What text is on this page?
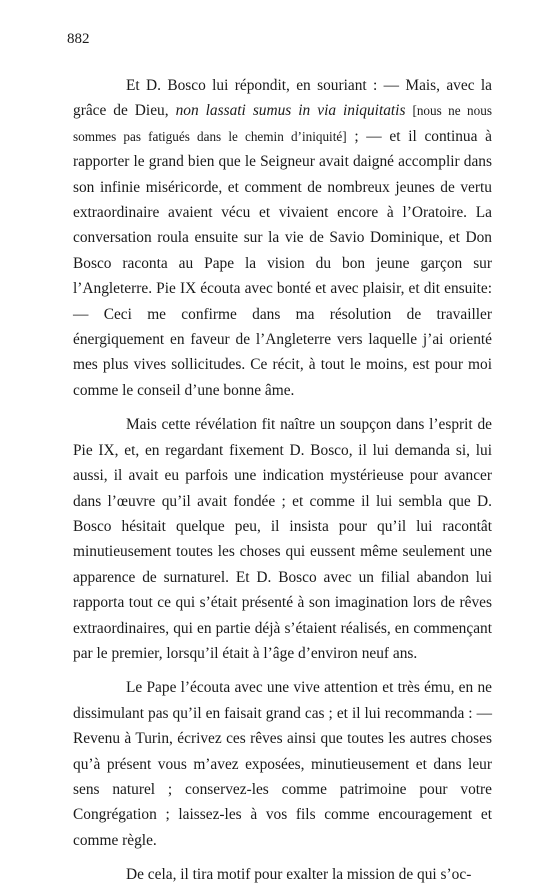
882

Et D. Bosco lui répondit, en souriant : — Mais, avec la grâce de Dieu, non lassati sumus in via iniquitatis [nous ne nous sommes pas fatigués dans le chemin d’iniquité] ; — et il continua à rapporter le grand bien que le Seigneur avait daigné accomplir dans son infinie miséricorde, et comment de nombreux jeunes de vertu extraordinaire avaient vécu et vivaient encore à l’Oratoire. La conversation roula ensuite sur la vie de Savio Dominique, et Don Bosco raconta au Pape la vision du bon jeune garçon sur l’Angleterre. Pie IX écouta avec bonté et avec plaisir, et dit ensuite: — Ceci me confirme dans ma résolution de travailler énergiquement en faveur de l’Angleterre vers laquelle j’ai orienté mes plus vives sollicitudes. Ce récit, à tout le moins, est pour moi comme le conseil d’une bonne âme.

Mais cette révélation fit naître un soupçon dans l’esprit de Pie IX, et, en regardant fixement D. Bosco, il lui demanda si, lui aussi, il avait eu parfois une indication mystérieuse pour avancer dans l’œuvre qu’il avait fondée ; et comme il lui sembla que D. Bosco hésitait quelque peu, il insista pour qu’il lui racontât minutieusement toutes les choses qui eussent même seulement une apparence de surnaturel. Et D. Bosco avec un filial abandon lui rapporta tout ce qui s’était présenté à son imagination lors de rêves extraordinaires, qui en partie déjà s’étaient réalisés, en commençant par le premier, lorsqu’il était à l’âge d’environ neuf ans.

Le Pape l’écouta avec une vive attention et très ému, en ne dissimulant pas qu’il en faisait grand cas ; et il lui recommanda : — Revenu à Turin, écrivez ces rêves ainsi que toutes les autres choses qu’à présent vous m’avez exposées, minutieusement et dans leur sens naturel ; conservez-les comme patrimoine pour votre Congrégation ; laissez-les à vos fils comme encouragement et comme règle.

De cela, il tira motif pour exalter la mission de qui s’oc-
